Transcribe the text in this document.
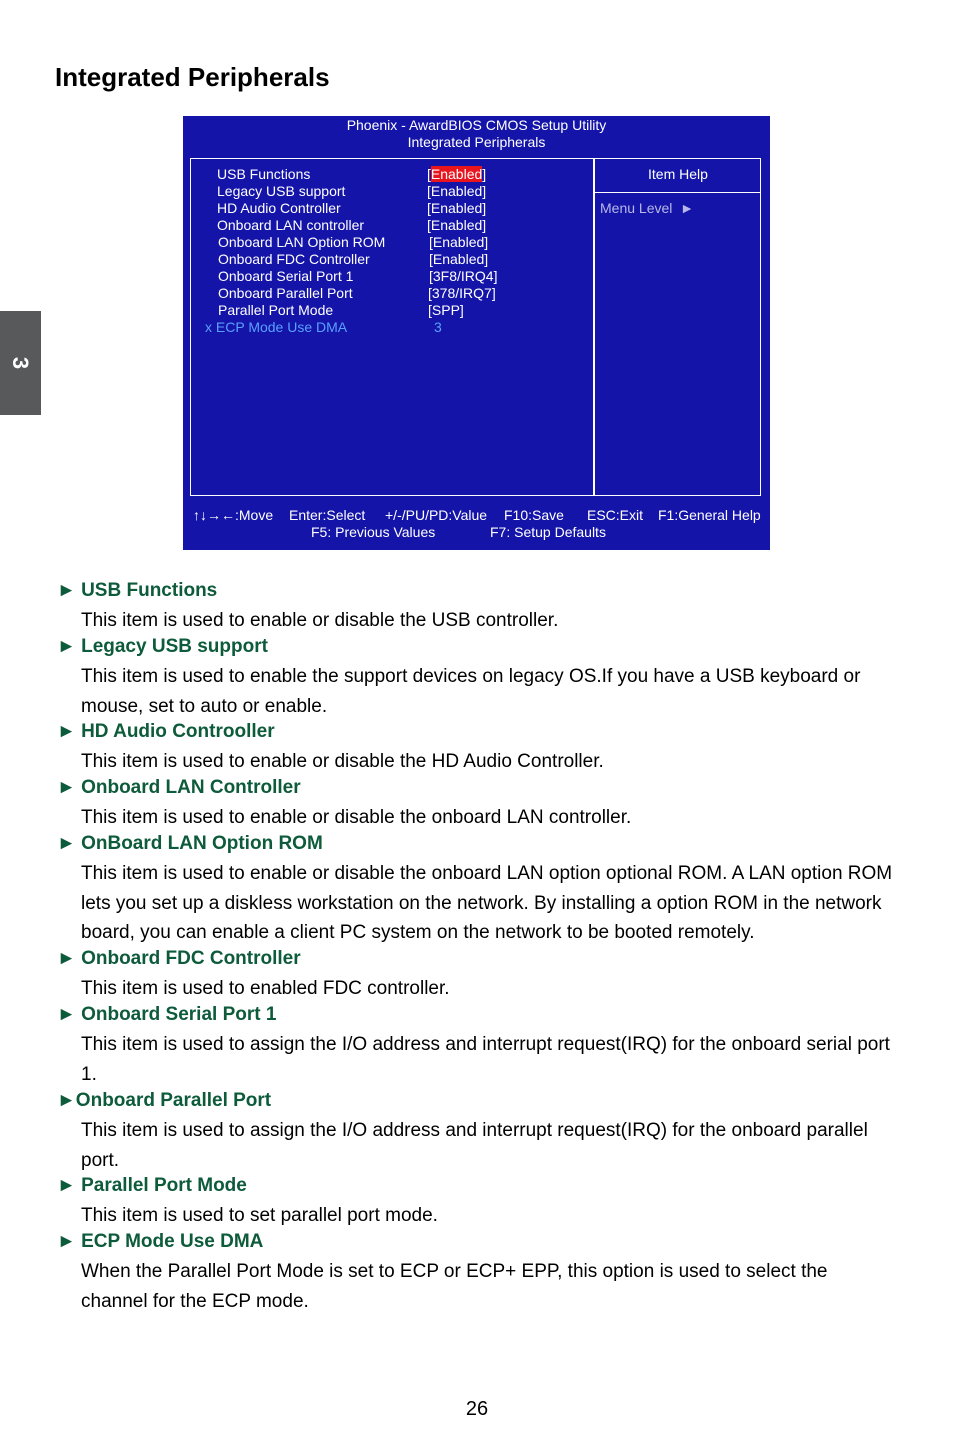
3
Integrated Peripherals
Phoenix - AwardBIOS CMOS Setup Utility
Integrated Peripherals
Item Help
Menu Level ►
USB Functions	[Enabled]
Legacy USB support	[Enabled]
HD Audio Controller	[Enabled]
Onboard LAN controller	[Enabled]
Onboard LAN Option ROM	[Enabled]
Onboard FDC Controller	[Enabled]
Onboard Serial Port 1	[3F8/IRQ4]
Onboard Parallel Port	[378/IRQ7]
Parallel Port Mode	[SPP]
x ECP Mode Use DMA	3
↑↓→←:Move Enter:Select +/-/PU/PD:Value F10:Save ESC:Exit F1:General Help
F5: Previous Values	F7: Setup Defaults
► USB Functions
This item is used to enable or disable the USB controller.
► Legacy USB support
This item is used to enable the support devices on legacy OS.If you have a USB keyboard or mouse, set to auto or enable.
► HD Audio Controoller
This item is used to enable or disable the HD Audio Controller.
► Onboard LAN Controller
This item is used to enable or disable the onboard LAN controller.
► OnBoard LAN Option ROM
This item is used to enable or disable the onboard LAN option optional ROM. A LAN option ROM lets you set up a diskless workstation on the network. By installing a option ROM in the network board, you can enable a client PC system on the network to be booted remotely.
► Onboard FDC Controller
This item is used to enabled FDC controller.
► Onboard Serial Port 1
This item is used to assign the I/O address and interrupt request(IRQ) for the onboard serial port 1.
►Onboard Parallel Port
This item is used to assign the I/O address and interrupt request(IRQ) for the onboard parallel port.
► Parallel Port Mode
This item is used to set parallel port mode.
► ECP Mode Use DMA
When the Parallel Port Mode is set to ECP or ECP+ EPP, this option is used to select the channel for the ECP mode.
26
